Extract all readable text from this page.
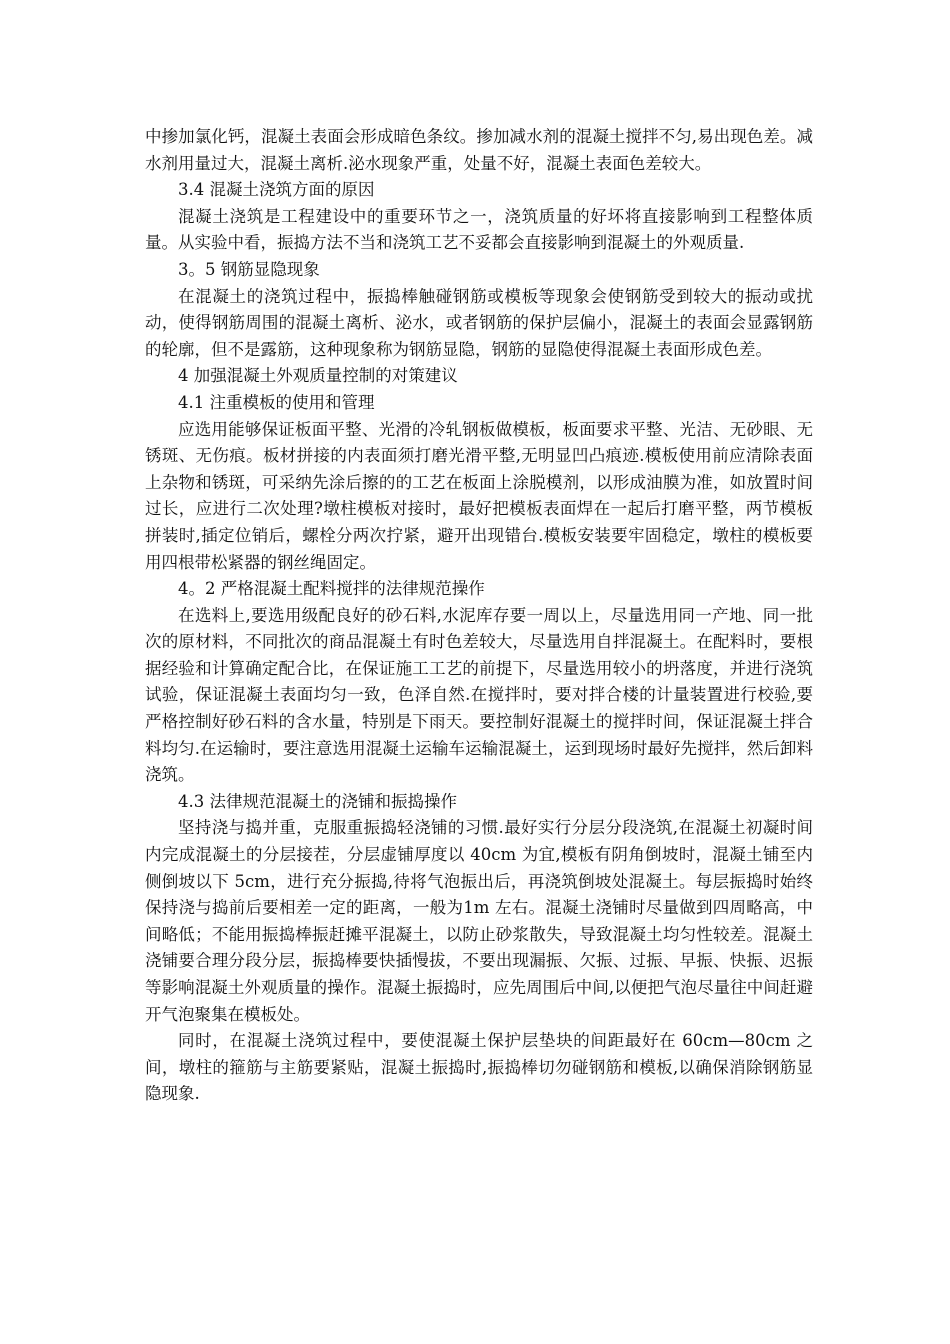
中掺加氯化钙，混凝土表面会形成暗色条纹。掺加减水剂的混凝土搅拌不匀,易出现色差。减水剂用量过大，混凝土离析.泌水现象严重，处量不好，混凝土表面色差较大。

3.4 混凝土浇筑方面的原因

混凝土浇筑是工程建设中的重要环节之一，浇筑质量的好坏将直接影响到工程整体质量。从实验中看，振捣方法不当和浇筑工艺不妥都会直接影响到混凝土的外观质量.

3。5 钢筋显隐现象

在混凝土的浇筑过程中，振捣棒触碰钢筋或模板等现象会使钢筋受到较大的振动或扰动，使得钢筋周围的混凝土离析、泌水，或者钢筋的保护层偏小，混凝土的表面会显露钢筋的轮廓，但不是露筋，这种现象称为钢筋显隐，钢筋的显隐使得混凝土表面形成色差。

4 加强混凝土外观质量控制的对策建议

4.1 注重模板的使用和管理

应选用能够保证板面平整、光滑的冷轧钢板做模板，板面要求平整、光洁、无砂眼、无锈斑、无伤痕。板材拼接的内表面须打磨光滑平整,无明显凹凸痕迹.模板使用前应清除表面上杂物和锈斑，可采纳先涂后擦的的工艺在板面上涂脱模剂，以形成油膜为准，如放置时间过长，应进行二次处理?墩柱模板对接时，最好把模板表面焊在一起后打磨平整，两节模板拼装时,插定位销后，螺栓分两次拧紧，避开出现错台.模板安装要牢固稳定，墩柱的模板要用四根带松紧器的钢丝绳固定。

4。2 严格混凝土配料搅拌的法律规范操作

在选料上,要选用级配良好的砂石料,水泥库存要一周以上，尽量选用同一产地、同一批次的原材料，不同批次的商品混凝土有时色差较大，尽量选用自拌混凝土。在配料时，要根据经验和计算确定配合比，在保证施工工艺的前提下，尽量选用较小的坍落度，并进行浇筑试验，保证混凝土表面均匀一致，色泽自然.在搅拌时，要对拌合楼的计量装置进行校验,要严格控制好砂石料的含水量，特别是下雨天。要控制好混凝土的搅拌时间，保证混凝土拌合料均匀.在运输时，要注意选用混凝土运输车运输混凝土，运到现场时最好先搅拌，然后卸料浇筑。

4.3 法律规范混凝土的浇铺和振捣操作

坚持浇与捣并重，克服重振捣轻浇铺的习惯.最好实行分层分段浇筑,在混凝土初凝时间内完成混凝土的分层接茬，分层虚铺厚度以 40cm 为宜,模板有阴角倒坡时，混凝土铺至内侧倒坡以下 5cm，进行充分振捣,待将气泡振出后，再浇筑倒坡处混凝土。每层振捣时始终保持浇与捣前后要相差一定的距离，一般为1m 左右。混凝土浇铺时尽量做到四周略高，中间略低；不能用振捣棒振赶摊平混凝土，以防止砂浆散失，导致混凝土均匀性较差。混凝土浇铺要合理分段分层，振捣棒要快插慢拔，不要出现漏振、欠振、过振、早振、快振、迟振等影响混凝土外观质量的操作。混凝土振捣时，应先周围后中间,以便把气泡尽量往中间赶避开气泡聚集在模板处。

同时，在混凝土浇筑过程中，要使混凝土保护层垫块的间距最好在 60cm—80cm 之间，墩柱的箍筋与主筋要紧贴，混凝土振捣时,振捣棒切勿碰钢筋和模板,以确保消除钢筋显隐现象.
